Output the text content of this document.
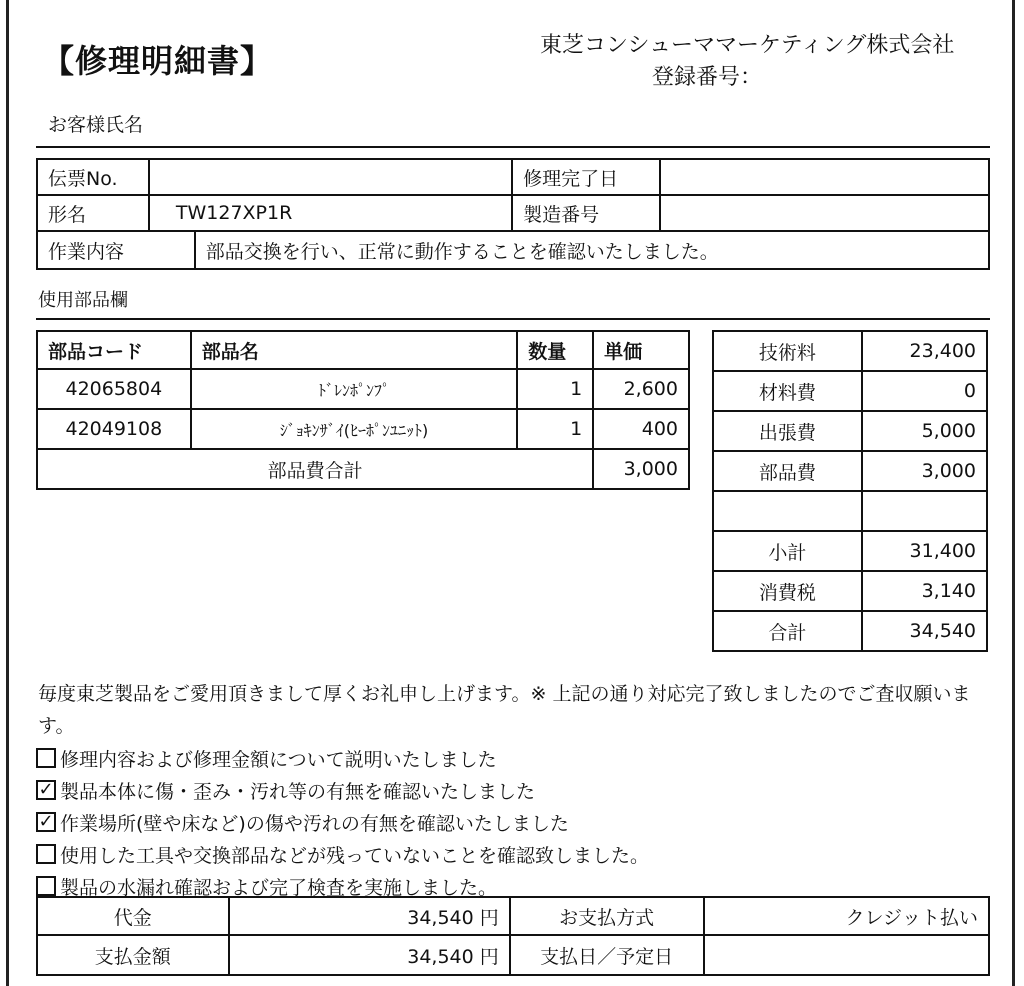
【修理明細書】	東芝コンシューママーケティング株式会社
登録番号：
お客様氏名
伝票No.			修理完了日	
形名	TW127XP1R		製造番号	
作業内容		部品交換を行い、正常に動作することを確認いたしました。		
使用部品欄
部品コード	部品名	数量	単価
42065804	ﾄﾞﾚﾝﾎﾟﾝﾌﾟ	1	2,600
42049108	ｼﾞｮｷﾝｻﾞｲ(ﾋｰﾎﾟﾝﾕﾆｯﾄ)	1	400
部品費合計			3,000
技術料	23,400
材料費	0
出張費	5,000
部品費	3,000

小計	31,400
消費税	3,140
合計	34,540
毎度東芝製品をご愛用頂きまして厚くお礼申し上げます。※ 上記の通り対応完了致しましたのでご査収願います。
修理内容および修理金額について説明いたしました
✓ 製品本体に傷・歪み・汚れ等の有無を確認いたしました
✓ 作業場所(壁や床など)の傷や汚れの有無を確認いたしました
使用した工具や交換部品などが残っていないことを確認致しました。
製品の水漏れ確認および完了検査を実施しました。
代金	34,540 円	お支払方式	クレジット払い
支払金額	34,540 円	支払日／予定日	
